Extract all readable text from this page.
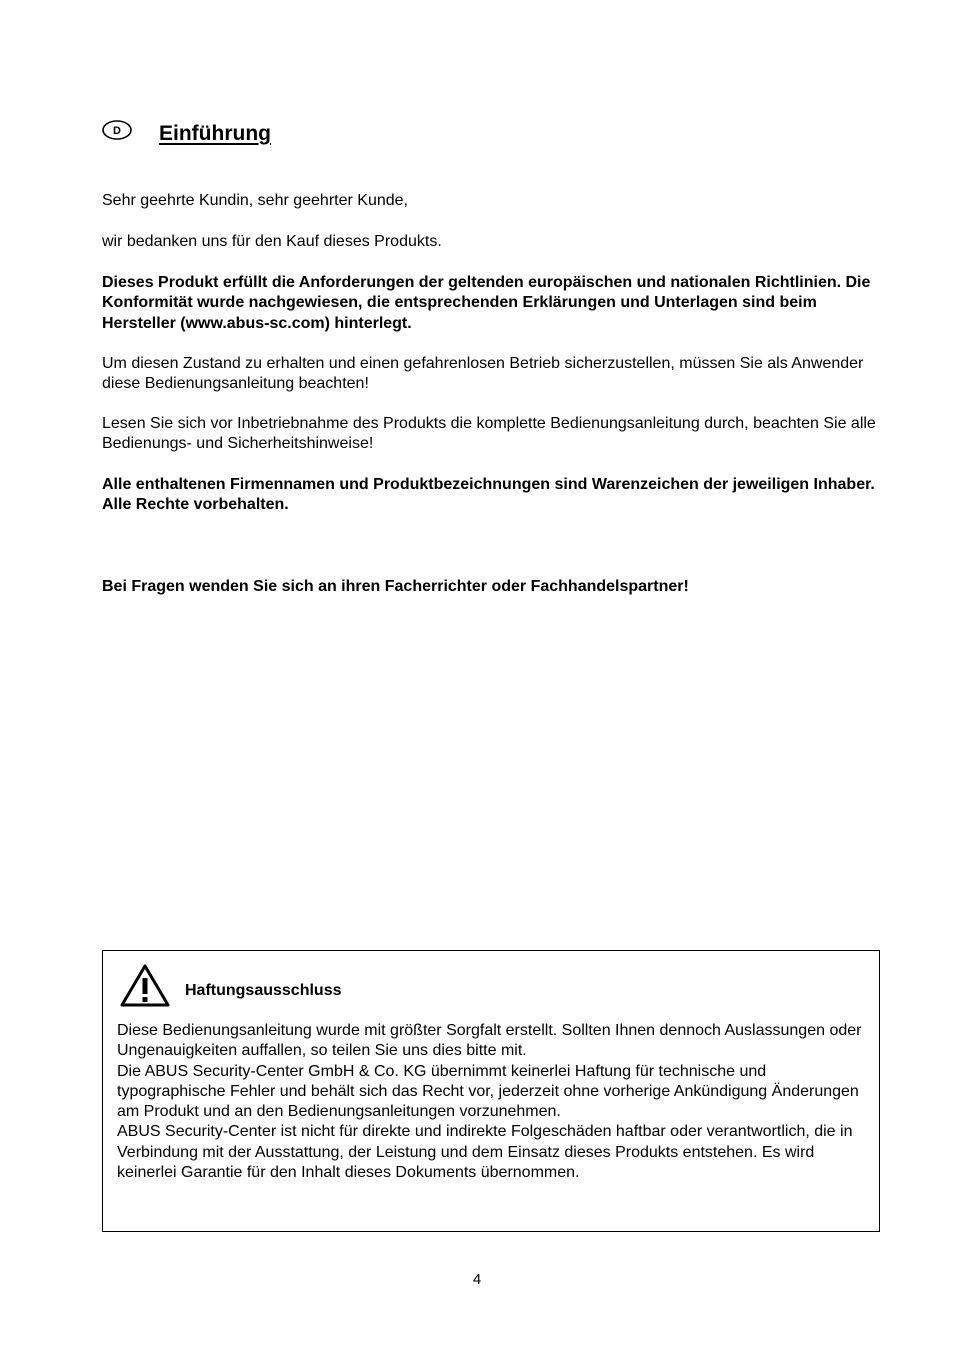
D Einführung

Sehr geehrte Kundin, sehr geehrter Kunde,

wir bedanken uns für den Kauf dieses Produkts.

Dieses Produkt erfüllt die Anforderungen der geltenden europäischen und nationalen Richtlinien. Die Konformität wurde nachgewiesen, die entsprechenden Erklärungen und Unterlagen sind beim Hersteller (www.abus-sc.com) hinterlegt.

Um diesen Zustand zu erhalten und einen gefahrenlosen Betrieb sicherzustellen, müssen Sie als Anwender diese Bedienungsanleitung beachten!

Lesen Sie sich vor Inbetriebnahme des Produkts die komplette Bedienungsanleitung durch, beachten Sie alle Bedienungs- und Sicherheitshinweise!

Alle enthaltenen Firmennamen und Produktbezeichnungen sind Warenzeichen der jeweiligen Inhaber. Alle Rechte vorbehalten.

Bei Fragen wenden Sie sich an ihren Facherrichter oder Fachhandelspartner!

Haftungsausschluss

Diese Bedienungsanleitung wurde mit größter Sorgfalt erstellt. Sollten Ihnen dennoch Auslassungen oder Ungenauigkeiten auffallen, so teilen Sie uns dies bitte mit.
Die ABUS Security-Center GmbH & Co. KG übernimmt keinerlei Haftung für technische und typographische Fehler und behält sich das Recht vor, jederzeit ohne vorherige Ankündigung Änderungen am Produkt und an den Bedienungsanleitungen vorzunehmen.
ABUS Security-Center ist nicht für direkte und indirekte Folgeschäden haftbar oder verantwortlich, die in Verbindung mit der Ausstattung, der Leistung und dem Einsatz dieses Produkts entstehen. Es wird keinerlei Garantie für den Inhalt dieses Dokuments übernommen.

4
